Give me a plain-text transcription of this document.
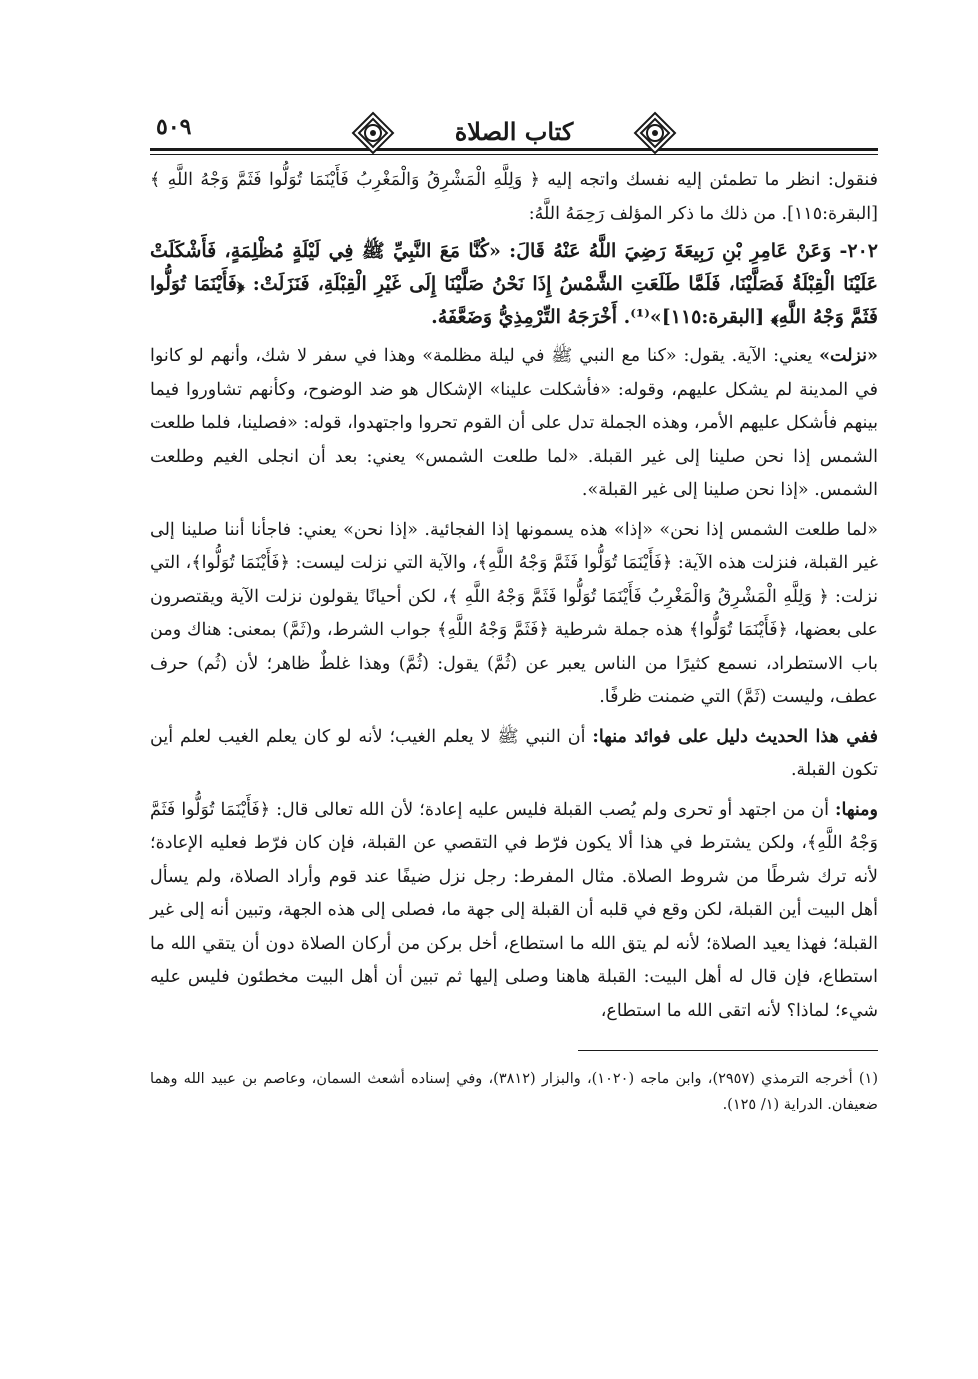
٥٠٩	كتاب الصلاة

فنقول: انظر ما تطمئن إليه نفسك واتجه إليه ﴿ وَلِلَّهِ الْمَشْرِقُ وَالْمَغْرِبُ فَأَيْنَمَا تُوَلُّوا فَثَمَّ وَجْهُ اللَّهِ ﴾ [البقرة:١١٥]. من ذلك ما ذكر المؤلف رَحِمَهُ اللَّهُ:

٢٠٢- وَعَنْ عَامِرِ بْنِ رَبِيعَةَ رَضِيَ اللَّهُ عَنْهُ قَالَ: «كُنَّا مَعَ النَّبِيِّ ﷺ فِي لَيْلَةٍ مُظْلِمَةٍ، فَأَشْكَلَتْ عَلَيْنَا الْقِبْلَةُ فَصَلَّيْنَا، فَلَمَّا طَلَعَتِ الشَّمْسُ إِذَا نَحْنُ صَلَّيْنَا إِلَى غَيْرِ الْقِبْلَةِ، فَنَزَلَتْ: ﴿فَأَيْنَمَا تُوَلُّوا فَثَمَّ وَجْهُ اللَّهِ﴾ [البقرة:١١٥]»⁽¹⁾. أَخْرَجَهُ التِّرْمِذِيُّ وَضَعَّفَهُ.

«نزلت» يعني: الآية. يقول: «كنا مع النبي ﷺ في ليلة مظلمة» وهذا في سفر لا شك، وأنهم لو كانوا في المدينة لم يشكل عليهم، وقوله: «فأشكلت علينا» الإشكال هو ضد الوضوح، وكأنهم تشاوروا فيما بينهم فأشكل عليهم الأمر، وهذه الجملة تدل على أن القوم تحروا واجتهدوا، قوله: «فصلينا، فلما طلعت الشمس إذا نحن صلينا إلى غير القبلة. «لما طلعت الشمس» يعني: بعد أن انجلى الغيم وطلعت الشمس. «إذا نحن صلينا إلى غير القبلة».

«لما طلعت الشمس إذا نحن» «إذا» هذه يسمونها إذا الفجائية. «إذا نحن» يعني: فاجأنا أننا صلينا إلى غير القبلة، فنزلت هذه الآية: ﴿فَأَيْنَمَا تُوَلُّوا فَثَمَّ وَجْهُ اللَّهِ﴾، والآية التي نزلت ليست: ﴿فَأَيْنَمَا تُوَلُّوا﴾، التي نزلت: ﴿ وَلِلَّهِ الْمَشْرِقُ وَالْمَغْرِبُ فَأَيْنَمَا تُوَلُّوا فَثَمَّ وَجْهُ اللَّهِ ﴾، لكن أحيانًا يقولون نزلت الآية ويقتصرون على بعضها، ﴿فَأَيْنَمَا تُوَلُّوا﴾ هذه جملة شرطية ﴿فَثَمَّ وَجْهُ اللَّهِ﴾ جواب الشرط، و(ثَمَّ) بمعنى: هناك ومن باب الاستطراد، نسمع كثيرًا من الناس يعبر عن (ثُمَّ) يقول: (ثُمَّ) وهذا غلطٌ ظاهر؛ لأن (ثُم) حرف عطف، وليست (ثَمَّ) التي ضمنت ظرفًا.

ففي هذا الحديث دليل على فوائد منها: أن النبي ﷺ لا يعلم الغيب؛ لأنه لو كان يعلم الغيب لعلم أين تكون القبلة.

ومنها: أن من اجتهد أو تحرى ولم يُصب القبلة فليس عليه إعادة؛ لأن الله تعالى قال: ﴿فَأَيْنَمَا تُوَلُّوا فَثَمَّ وَجْهُ اللَّهِ﴾، ولكن يشترط في هذا ألا يكون فرّط في التقصي عن القبلة، فإن كان فرّط فعليه الإعادة؛ لأنه ترك شرطًا من شروط الصلاة. مثال المفرط: رجل نزل ضيفًا عند قوم وأراد الصلاة، ولم يسأل أهل البيت أين القبلة، لكن وقع في قلبه أن القبلة إلى جهة ما، فصلى إلى هذه الجهة، وتبين أنه إلى غير القبلة؛ فهذا يعيد الصلاة؛ لأنه لم يتق الله ما استطاع، أخل بركن من أركان الصلاة دون أن يتقي الله ما استطاع، فإن قال له أهل البيت: القبلة هاهنا وصلى إليها ثم تبين أن أهل البيت مخطئون فليس عليه شيء؛ لماذا؟ لأنه اتقى الله ما استطاع،

(١) أخرجه الترمذي (٢٩٥٧)، وابن ماجه (١٠٢٠)، والبزار (٣٨١٢)، وفي إسناده أشعث السمان، وعاصم بن عبيد الله وهما ضعيفان. الدراية (١/ ١٢٥).
